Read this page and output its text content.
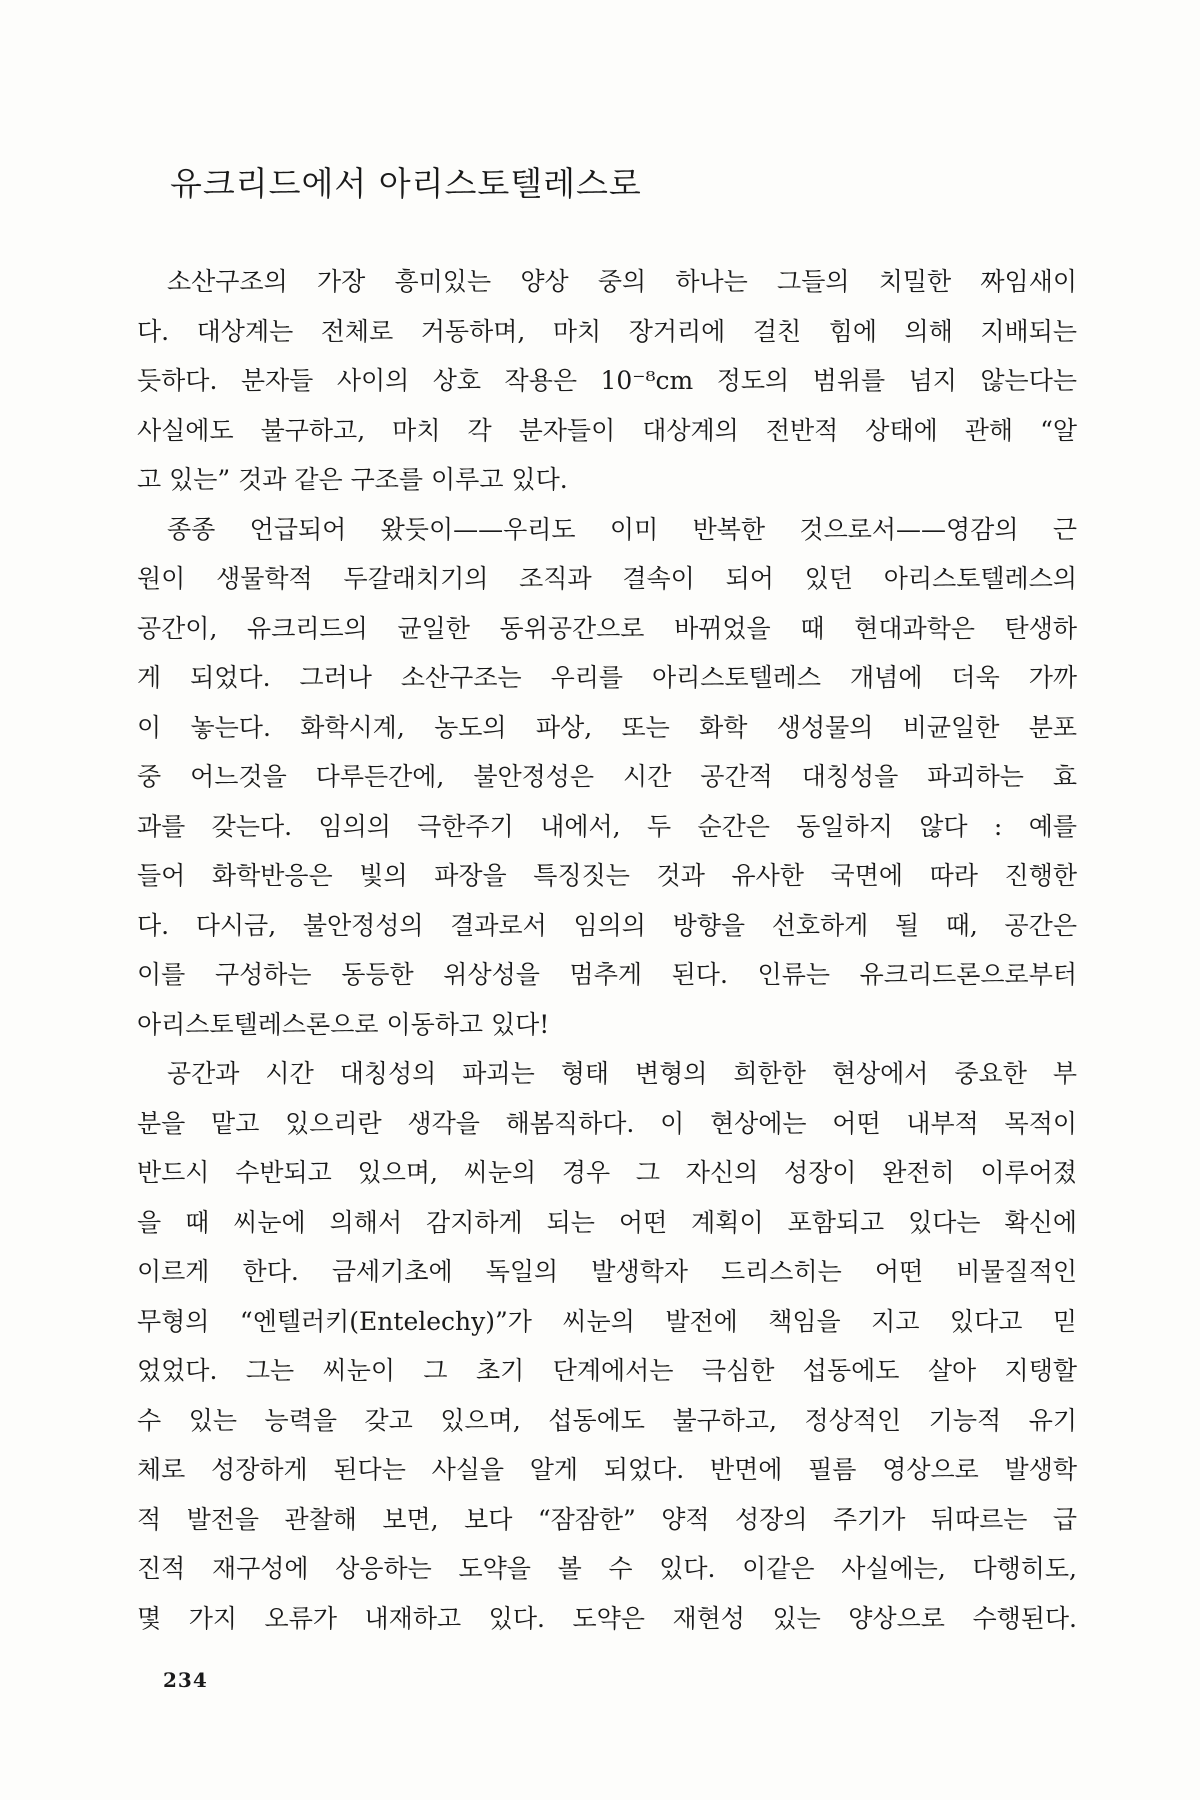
유크리드에서 아리스토텔레스로
소산구조의 가장 흥미있는 양상 중의 하나는 그들의 치밀한 짜임새이
다. 대상계는 전체로 거동하며, 마치 장거리에 걸친 힘에 의해 지배되는
듯하다. 분자들 사이의 상호 작용은 10⁻⁸cm 정도의 범위를 넘지 않는다는
사실에도 불구하고, 마치 각 분자들이 대상계의 전반적 상태에 관해 “알
고 있는” 것과 같은 구조를 이루고 있다.
종종 언급되어 왔듯이——우리도 이미 반복한 것으로서——영감의 근
원이 생물학적 두갈래치기의 조직과 결속이 되어 있던 아리스토텔레스의
공간이, 유크리드의 균일한 동위공간으로 바뀌었을 때 현대과학은 탄생하
게 되었다. 그러나 소산구조는 우리를 아리스토텔레스 개념에 더욱 가까
이 놓는다. 화학시계, 농도의 파상, 또는 화학 생성물의 비균일한 분포
중 어느것을 다루든간에, 불안정성은 시간 공간적 대칭성을 파괴하는 효
과를 갖는다. 임의의 극한주기 내에서, 두 순간은 동일하지 않다 : 예를
들어 화학반응은 빛의 파장을 특징짓는 것과 유사한 국면에 따라 진행한
다. 다시금, 불안정성의 결과로서 임의의 방향을 선호하게 될 때, 공간은
이를 구성하는 동등한 위상성을 멈추게 된다. 인류는 유크리드론으로부터
아리스토텔레스론으로 이동하고 있다!
공간과 시간 대칭성의 파괴는 형태 변형의 희한한 현상에서 중요한 부
분을 맡고 있으리란 생각을 해봄직하다. 이 현상에는 어떤 내부적 목적이
반드시 수반되고 있으며, 씨눈의 경우 그 자신의 성장이 완전히 이루어졌
을 때 씨눈에 의해서 감지하게 되는 어떤 계획이 포함되고 있다는 확신에
이르게 한다. 금세기초에 독일의 발생학자 드리스히는 어떤 비물질적인
무형의 “엔텔러키(Entelechy)”가 씨눈의 발전에 책임을 지고 있다고 믿
었었다. 그는 씨눈이 그 초기 단계에서는 극심한 섭동에도 살아 지탱할
수 있는 능력을 갖고 있으며, 섭동에도 불구하고, 정상적인 기능적 유기
체로 성장하게 된다는 사실을 알게 되었다. 반면에 필름 영상으로 발생학
적 발전을 관찰해 보면, 보다 “잠잠한” 양적 성장의 주기가 뒤따르는 급
진적 재구성에 상응하는 도약을 볼 수 있다. 이같은 사실에는, 다행히도,
몇 가지 오류가 내재하고 있다. 도약은 재현성 있는 양상으로 수행된다.
234
